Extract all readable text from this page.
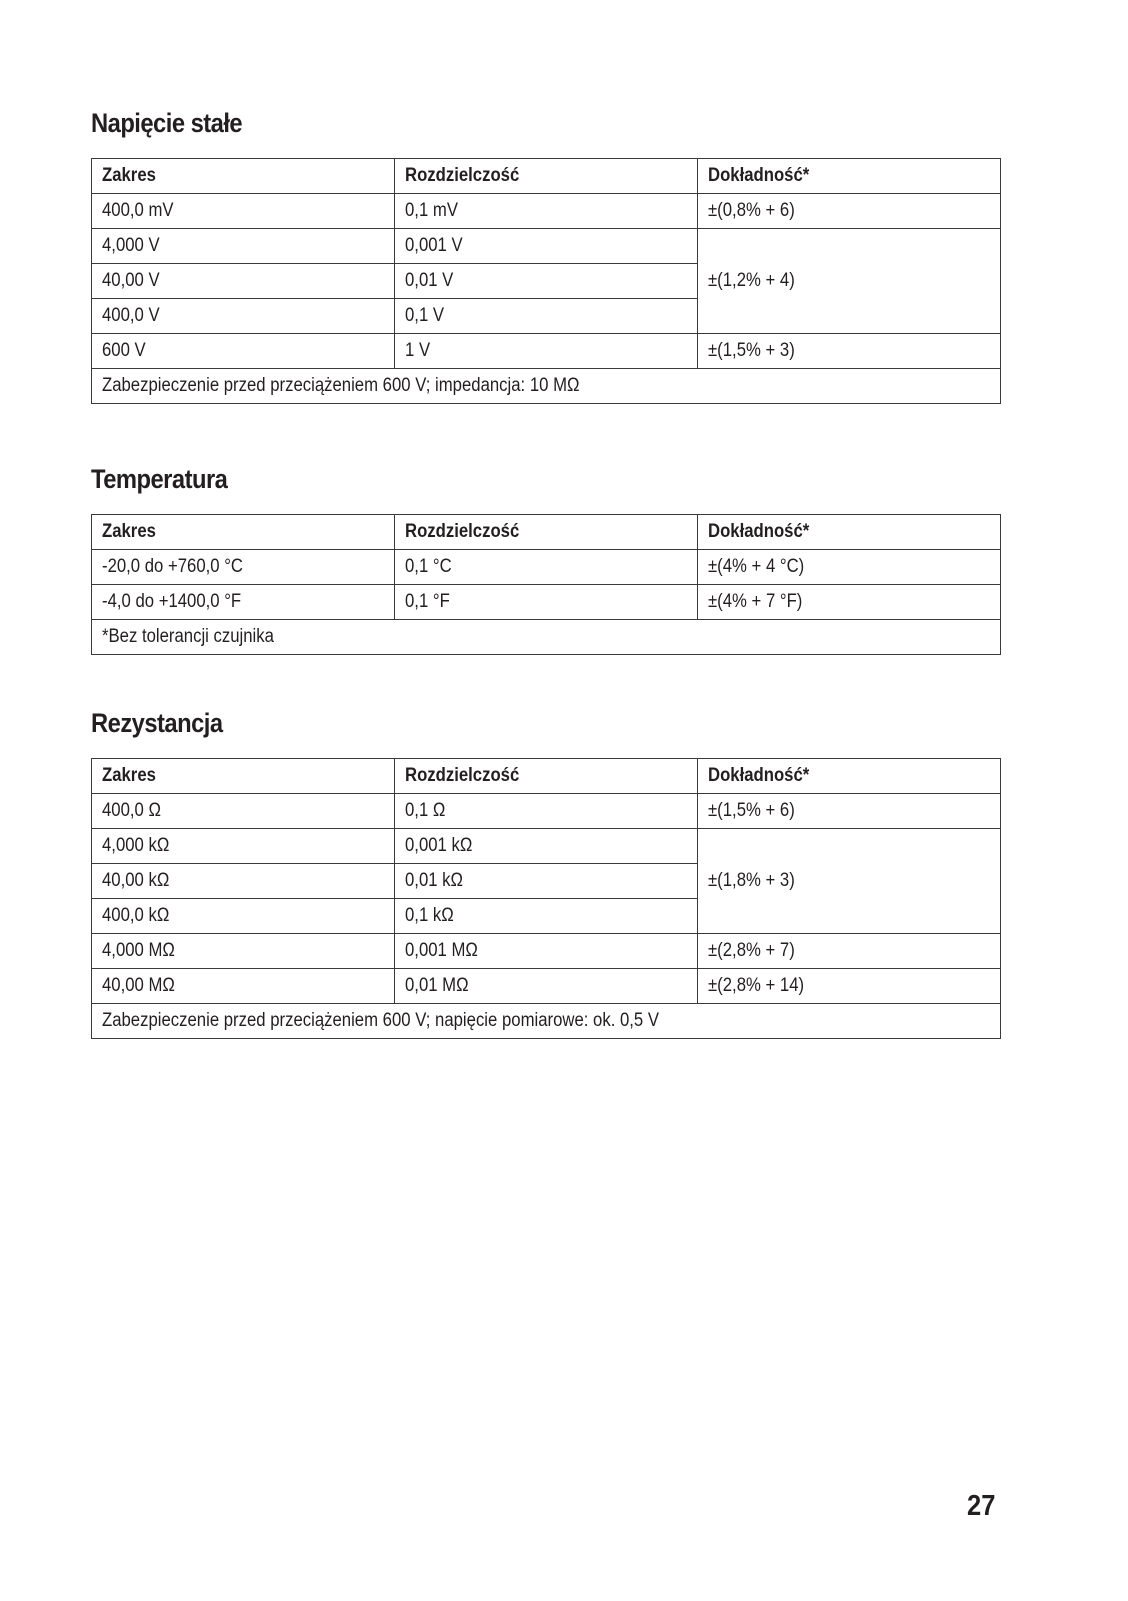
Napięcie stałe
Zakres	Rozdzielczość	Dokładność*
400,0 mV	0,1 mV	±(0,8% + 6)
4,000 V	0,001 V	±(1,2% + 4)
40,00 V	0,01 V	
400,0 V	0,1 V	
600 V	1 V	±(1,5% + 3)
Zabezpieczenie przed przeciążeniem 600 V; impedancja: 10 MΩ		
Temperatura
Zakres	Rozdzielczość	Dokładność*
-20,0 do +760,0 °C	0,1 °C	±(4% + 4 °C)
-4,0 do +1400,0 °F	0,1 °F	±(4% + 7 °F)
*Bez tolerancji czujnika		
Rezystancja
Zakres	Rozdzielczość	Dokładność*
400,0 Ω	0,1 Ω	±(1,5% + 6)
4,000 kΩ	0,001 kΩ	±(1,8% + 3)
40,00 kΩ	0,01 kΩ	
400,0 kΩ	0,1 kΩ	
4,000 MΩ	0,001 MΩ	±(2,8% + 7)
40,00 MΩ	0,01 MΩ	±(2,8% + 14)
Zabezpieczenie przed przeciążeniem 600 V; napięcie pomiarowe: ok. 0,5 V		
27
